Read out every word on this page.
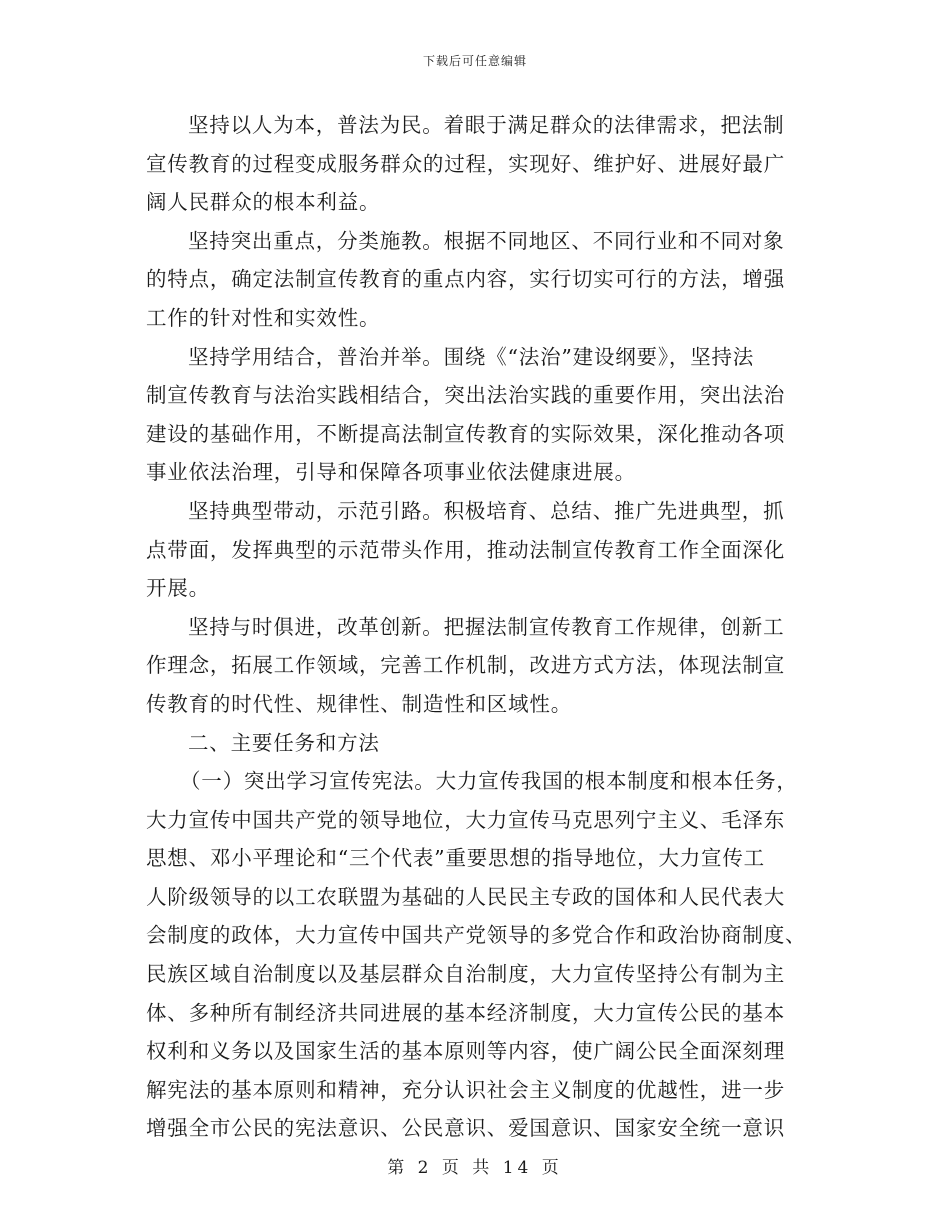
下载后可任意编辑
坚持以人为本，普法为民。着眼于满足群众的法律需求，把法制
宣传教育的过程变成服务群众的过程，实现好、维护好、进展好最广
阔人民群众的根本利益。
坚持突出重点，分类施教。根据不同地区、不同行业和不同对象
的特点，确定法制宣传教育的重点内容，实行切实可行的方法，增强
工作的针对性和实效性。
坚持学用结合，普治并举。围绕《“法治”建设纲要》，坚持法
制宣传教育与法治实践相结合，突出法治实践的重要作用，突出法治
建设的基础作用，不断提高法制宣传教育的实际效果，深化推动各项
事业依法治理，引导和保障各项事业依法健康进展。
坚持典型带动，示范引路。积极培育、总结、推广先进典型，抓
点带面，发挥典型的示范带头作用，推动法制宣传教育工作全面深化
开展。
坚持与时俱进，改革创新。把握法制宣传教育工作规律，创新工
作理念，拓展工作领域，完善工作机制，改进方式方法，体现法制宣
传教育的时代性、规律性、制造性和区域性。
二、主要任务和方法
（一）突出学习宣传宪法。大力宣传我国的根本制度和根本任务，
大力宣传中国共产党的领导地位，大力宣传马克思列宁主义、毛泽东
思想、邓小平理论和“三个代表”重要思想的指导地位，大力宣传工
人阶级领导的以工农联盟为基础的人民民主专政的国体和人民代表大
会制度的政体，大力宣传中国共产党领导的多党合作和政治协商制度、
民族区域自治制度以及基层群众自治制度，大力宣传坚持公有制为主
体、多种所有制经济共同进展的基本经济制度，大力宣传公民的基本
权利和义务以及国家生活的基本原则等内容，使广阔公民全面深刻理
解宪法的基本原则和精神，充分认识社会主义制度的优越性，进一步
增强全市公民的宪法意识、公民意识、爱国意识、国家安全统一意识
第 2 页 共 14 页
